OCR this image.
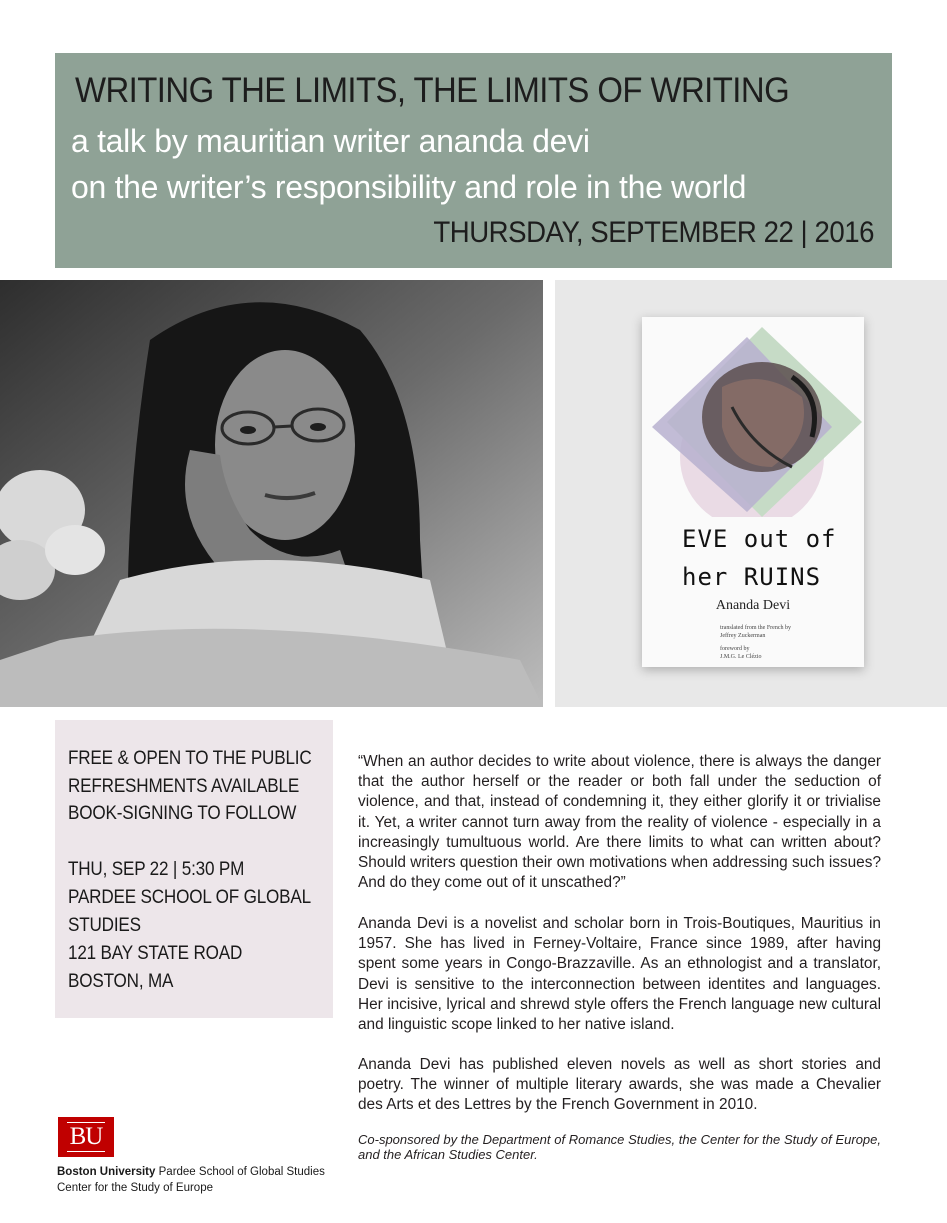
WRITING THE LIMITS, THE LIMITS OF WRITING
a talk by mauritian writer ananda devi
on the writer’s responsibility and role in the world
THURSDAY, SEPTEMBER 22 | 2016
EVE out of
her RUINS
Ananda Devi
translated from the French by
Jeffrey Zuckerman
foreword by
J.M.G. Le Clézio
FREE & OPEN TO THE PUBLIC
REFRESHMENTS AVAILABLE
BOOK-SIGNING TO FOLLOW
THU, SEP 22 | 5:30 PM
PARDEE SCHOOL OF GLOBAL
STUDIES
121 BAY STATE ROAD
BOSTON, MA
“When an author decides to write about violence, there is always the danger that the author herself or the reader or both fall under the seduction of violence, and that, instead of condemning it, they either glorify it or trivialise it. Yet, a writer cannot turn away from the reality of violence - especially in a increasingly tumultuous world. Are there limits to what can written about? Should writers question their own motivations when addressing such issues? And do they come out of it unscathed?”
Ananda Devi is a novelist and scholar born in Trois-Boutiques, Mauritius in 1957. She has lived in Ferney-Voltaire, France since 1989, after having spent some years in Congo-Brazzaville. As an ethnologist and a translator, Devi is sensitive to the interconnection between identites and languages. Her incisive, lyrical and shrewd style offers the French language new cultural and linguistic scope linked to her native island.
Ananda Devi has published eleven novels as well as short stories and poetry. The winner of multiple literary awards, she was made a Chevalier des Arts et des Lettres by the French Government in 2010.
Co-sponsored by the Department of Romance Studies, the Center for the Study of Europe, and the African Studies Center.
BU
Boston University Pardee School of Global Studies
Center for the Study of Europe
